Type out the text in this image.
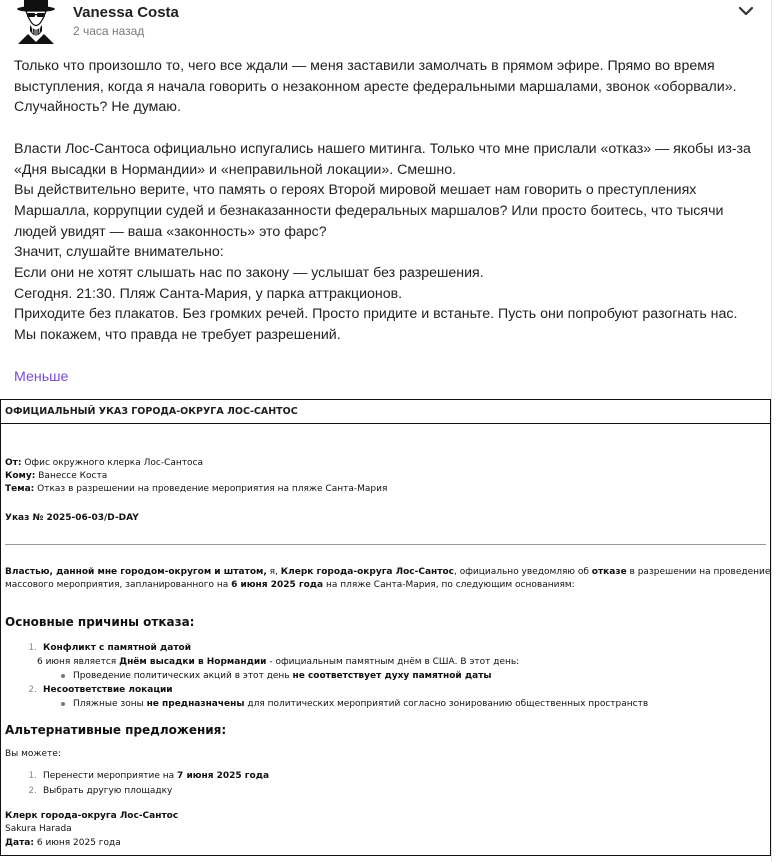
Vanessa Costa
2 часа назад

Только что произошло то, чего все ждали — меня заставили замолчать в прямом эфире. Прямо во время выступления, когда я начала говорить о незаконном аресте федеральными маршалами, звонок «оборвали». Случайность? Не думаю.

Власти Лос-Сантоса официально испугались нашего митинга. Только что мне прислали «отказ» — якобы из-за «Дня высадки в Нормандии» и «неправильной локации». Смешно.

Вы действительно верите, что память о героях Второй мировой мешает нам говорить о преступлениях Маршалла, коррупции судей и безнаказанности федеральных маршалов? Или просто боитесь, что тысячи людей увидят — ваша «законность» это фарс?

Значит, слушайте внимательно:

Если они не хотят слышать нас по закону — услышат без разрешения.

Сегодня. 21:30. Пляж Санта-Мария, у парка аттракционов.

Приходите без плакатов. Без громких речей. Просто придите и встаньте. Пусть они попробуют разогнать нас.

Мы покажем, что правда не требует разрешений.

Меньше
ОФИЦИАЛЬНЫЙ УКАЗ ГОРОДА-ОКРУГА ЛОС-САНТОС
От: Офис окружного клерка Лос-Сантоса
Кому: Ванессе Коста
Тема: Отказ в разрешении на проведение мероприятия на пляже Санта-Мария
Указ № 2025-06-03/D-DAY
Властью, данной мне городом-округом и штатом, я, Клерк города-округа Лос-Сантос, официально уведомляю об отказе в разрешении на проведение
массового мероприятия, запланированного на 6 июня 2025 года на пляже Санта-Мария, по следующим основаниям:
Основные причины отказа:
1. Конфликт с памятной датой
6 июня является Днём высадки в Нормандии - официальным памятным днём в США. В этот день:
Проведение политических акций в этот день не соответствует духу памятной даты
2. Несоответствие локации
Пляжные зоны не предназначены для политических мероприятий согласно зонированию общественных пространств
Альтернативные предложения:
Вы можете:
1. Перенести мероприятие на 7 июня 2025 года
2. Выбрать другую площадку
Клерк города-округа Лос-Сантос
Sakura Harada
Дата: 6 июня 2025 года
